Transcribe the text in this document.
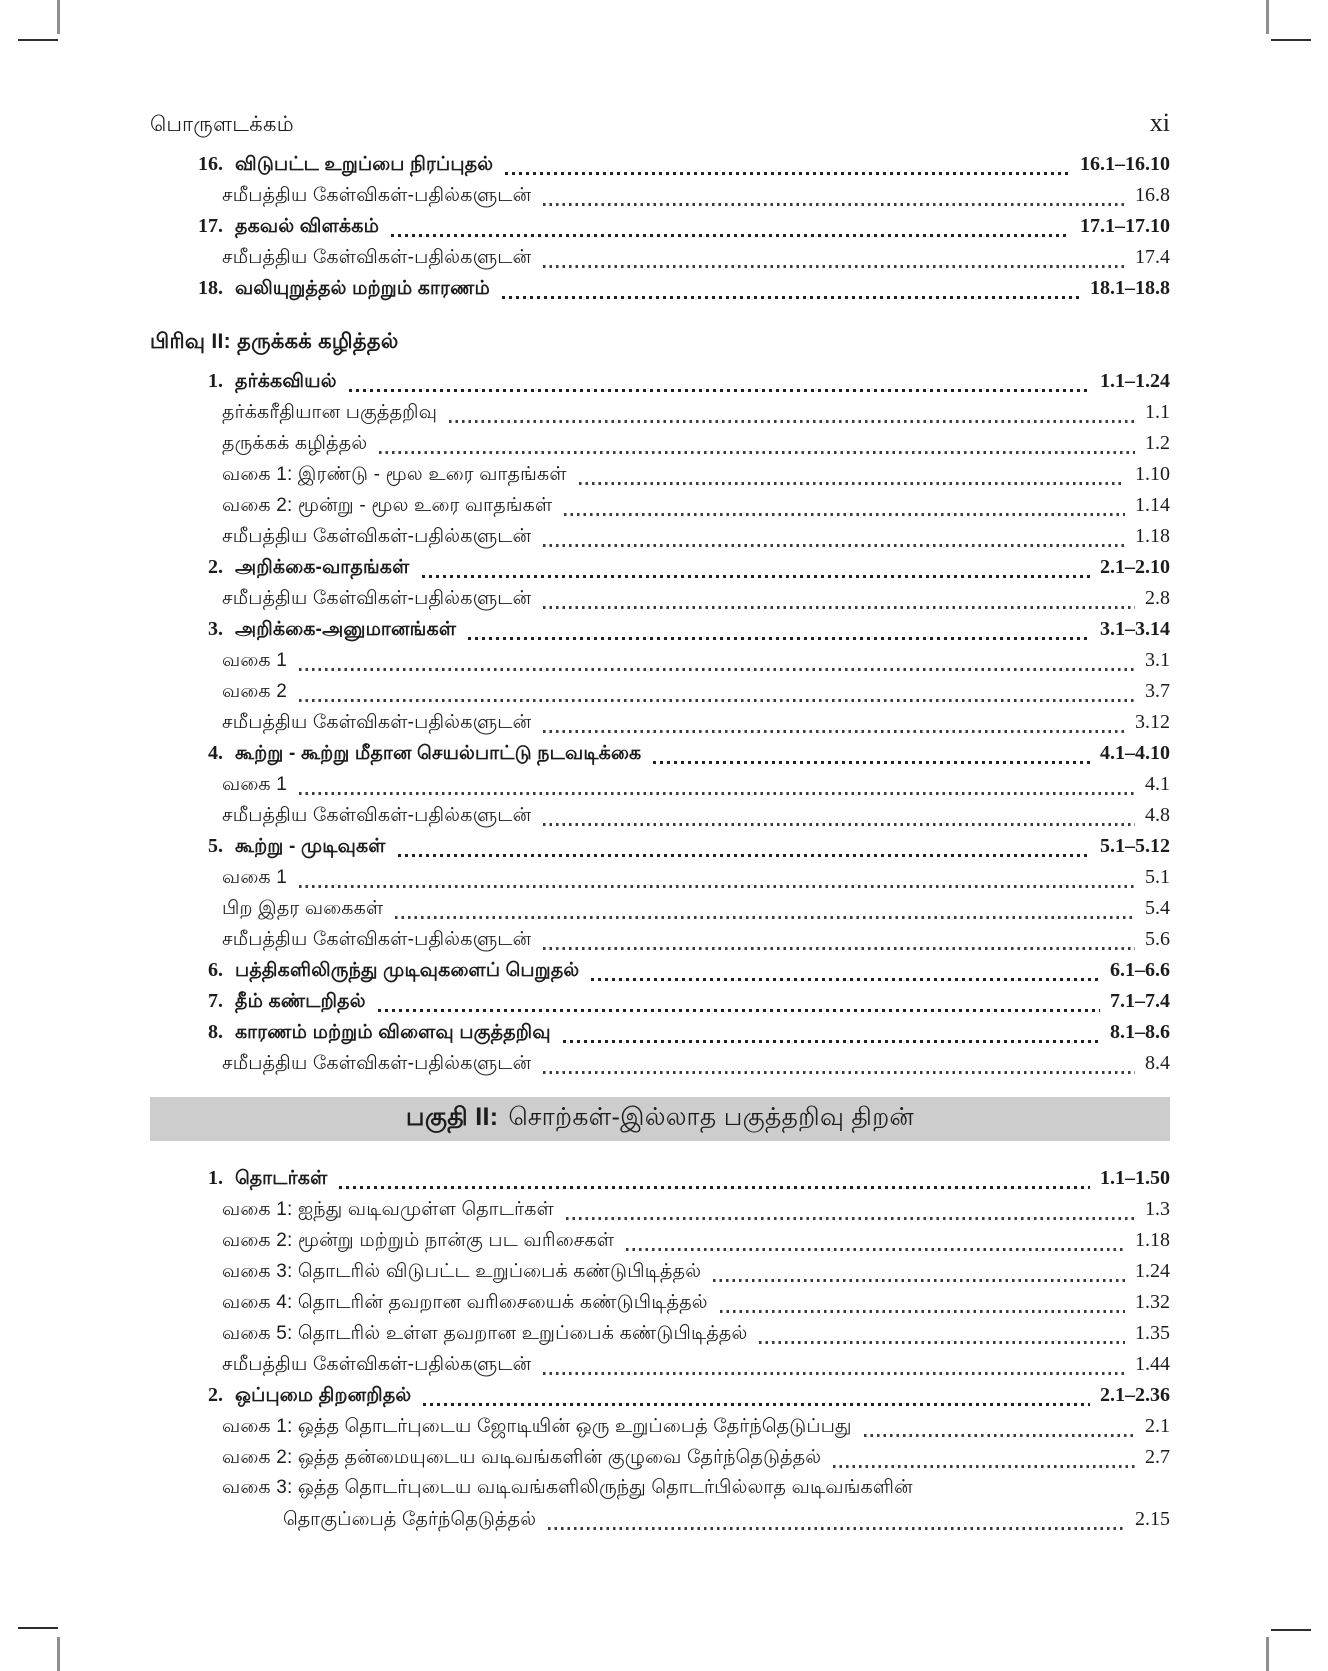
பொருளடக்கம்	xi
16. விடுபட்ட உறுப்பை நிரப்புதல்	16.1–16.10
சமீபத்திய கேள்விகள்-பதில்களுடன்	16.8
17. தகவல் விளக்கம்	17.1–17.10
சமீபத்திய கேள்விகள்-பதில்களுடன்	17.4
18. வலியுறுத்தல் மற்றும் காரணம்	18.1–18.8
பிரிவு II: தருக்கக் கழித்தல்
1. தர்க்கவியல்	1.1–1.24
தர்க்கரீதியான பகுத்தறிவு	1.1
தருக்கக் கழித்தல்	1.2
வகை 1: இரண்டு - மூல உரை வாதங்கள்	1.10
வகை 2: மூன்று - மூல உரை வாதங்கள்	1.14
சமீபத்திய கேள்விகள்-பதில்களுடன்	1.18
2. அறிக்கை-வாதங்கள்	2.1–2.10
சமீபத்திய கேள்விகள்-பதில்களுடன்	2.8
3. அறிக்கை-அனுமானங்கள்	3.1–3.14
வகை 1	3.1
வகை 2	3.7
சமீபத்திய கேள்விகள்-பதில்களுடன்	3.12
4. கூற்று - கூற்று மீதான செயல்பாட்டு நடவடிக்கை	4.1–4.10
வகை 1	4.1
சமீபத்திய கேள்விகள்-பதில்களுடன்	4.8
5. கூற்று - முடிவுகள்	5.1–5.12
வகை 1	5.1
பிற இதர வகைகள்	5.4
சமீபத்திய கேள்விகள்-பதில்களுடன்	5.6
6. பத்திகளிலிருந்து முடிவுகளைப் பெறுதல்	6.1–6.6
7. தீம் கண்டறிதல்	7.1–7.4
8. காரணம் மற்றும் விளைவு பகுத்தறிவு	8.1–8.6
சமீபத்திய கேள்விகள்-பதில்களுடன்	8.4
பகுதி II: சொற்கள்-இல்லாத பகுத்தறிவு திறன்
1. தொடர்கள்	1.1–1.50
வகை 1: ஐந்து வடிவமுள்ள தொடர்கள்	1.3
வகை 2: மூன்று மற்றும் நான்கு பட வரிசைகள்	1.18
வகை 3: தொடரில் விடுபட்ட உறுப்பைக் கண்டுபிடித்தல்	1.24
வகை 4: தொடரின் தவறான வரிசையைக் கண்டுபிடித்தல்	1.32
வகை 5: தொடரில் உள்ள தவறான உறுப்பைக் கண்டுபிடித்தல்	1.35
சமீபத்திய கேள்விகள்-பதில்களுடன்	1.44
2. ஒப்புமை திறனறிதல்	2.1–2.36
வகை 1: ஒத்த தொடர்புடைய ஜோடியின் ஒரு உறுப்பைத் தேர்ந்தெடுப்பது	2.1
வகை 2: ஒத்த தன்மையுடைய வடிவங்களின் குழுவை தேர்ந்தெடுத்தல்	2.7
வகை 3: ஒத்த தொடர்புடைய வடிவங்களிலிருந்து தொடர்பில்லாத வடிவங்களின்
தொகுப்பைத் தேர்ந்தெடுத்தல்	2.15
